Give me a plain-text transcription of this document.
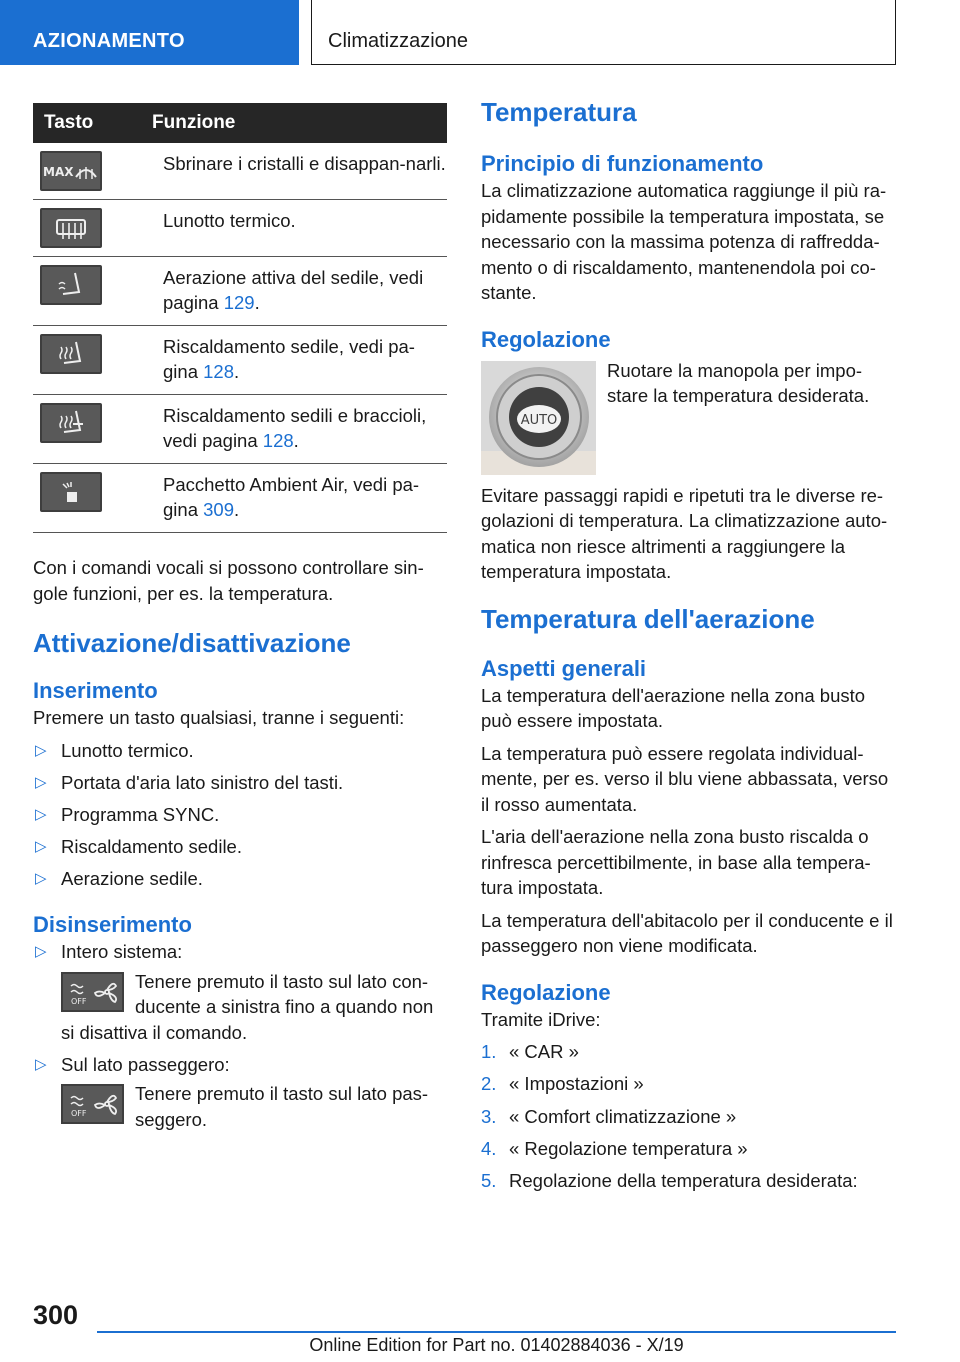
AZIONAMENTO	Climatizzazione
Tasto	Funzione

MAX	Sbrinare i cristalli e disappan-narli.

	Lunotto termico.

	Aerazione attiva del sedile, vedi pagina 129.

	Riscaldamento sedile, vedi pa-gina 128.

	Riscaldamento sedili e braccioli, vedi pagina 128.

	Pacchetto Ambient Air, vedi pa-gina 309.

Con i comandi vocali si possono controllare sin-gole funzioni, per es. la temperatura.

Attivazione/disattivazione
Inserimento

Premere un tasto qualsiasi, tranne i seguenti:

▷ Lunotto termico.
▷ Portata d'aria lato sinistro del tasti.
▷ Programma SYNC.
▷ Riscaldamento sedile.
▷ Aerazione sedile.
Disinserimento
▷ Intero sistema:
OFF
Tenere premuto il tasto sul lato con-ducente a sinistra fino a quando non si disattiva il comando.
▷ Sul lato passeggero:
OFF
Tenere premuto il tasto sul lato pas-seggero.
Temperatura
Principio di funzionamento

La climatizzazione automatica raggiunge il più ra-pidamente possibile la temperatura impostata, se necessario con la massima potenza di raffredda-mento o di riscaldamento, mantenendola poi co-stante.

Regolazione
AUTO

Ruotare la manopola per impo-stare la temperatura desiderata.

Evitare passaggi rapidi e ripetuti tra le diverse re-golazioni di temperatura. La climatizzazione auto-matica non riesce altrimenti a raggiungere la temperatura impostata.

Temperatura dell'aerazione
Aspetti generali

La temperatura dell'aerazione nella zona busto può essere impostata.

La temperatura può essere regolata individual-mente, per es. verso il blu viene abbassata, verso il rosso aumentata.

L'aria dell'aerazione nella zona busto riscalda o rinfresca percettibilmente, in base alla tempera-tura impostata.

La temperatura dell'abitacolo per il conducente e il passeggero non viene modificata.

Regolazione

Tramite iDrive:

1. « CAR »
2. « Impostazioni »
3. « Comfort climatizzazione »
4. « Regolazione temperatura »
5. Regolazione della temperatura desiderata:
300
Online Edition for Part no. 01402884036 - X/19
